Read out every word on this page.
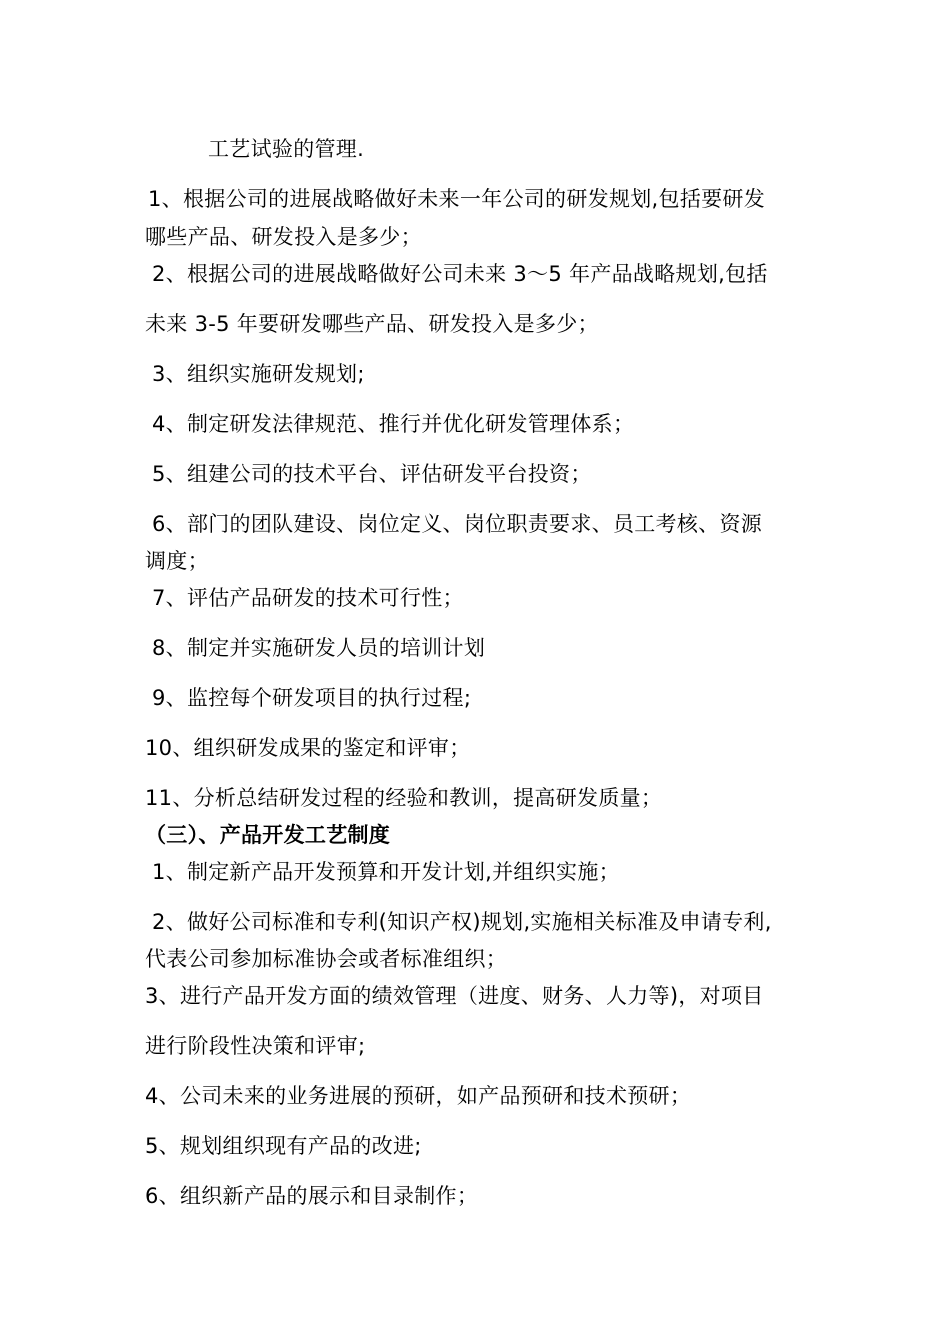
工艺试验的管理.
1、根据公司的进展战略做好未来一年公司的研发规划,包括要研发
哪些产品、研发投入是多少；
2、根据公司的进展战略做好公司未来 3～5 年产品战略规划,包括
未来 3-5 年要研发哪些产品、研发投入是多少；
3、组织实施研发规划;
4、制定研发法律规范、推行并优化研发管理体系；
5、组建公司的技术平台、评估研发平台投资；
6、部门的团队建设、岗位定义、岗位职责要求、员工考核、资源
调度；
7、评估产品研发的技术可行性；
8、制定并实施研发人员的培训计划
9、监控每个研发项目的执行过程;
10、组织研发成果的鉴定和评审；
11、分析总结研发过程的经验和教训，提高研发质量；
（三）、产品开发工艺制度
1、制定新产品开发预算和开发计划,并组织实施；
2、做好公司标准和专利(知识产权)规划,实施相关标准及申请专利,
代表公司参加标准协会或者标准组织；
3、进行产品开发方面的绩效管理（进度、财务、人力等)，对项目
进行阶段性决策和评审;
4、公司未来的业务进展的预研，如产品预研和技术预研；
5、规划组织现有产品的改进;
6、组织新产品的展示和目录制作；
